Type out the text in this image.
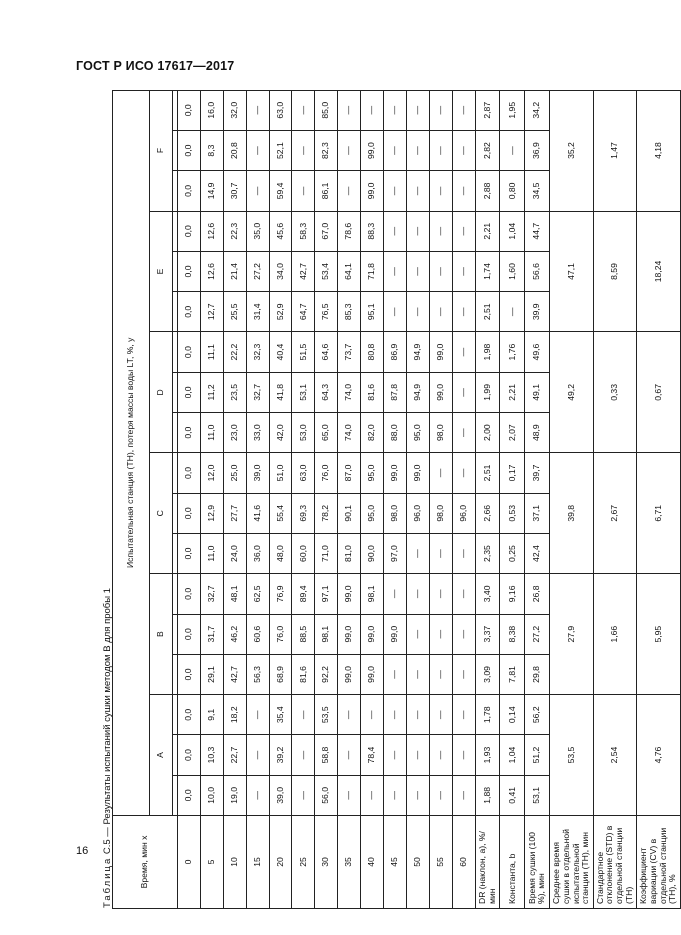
ГОСТ Р ИСО 17617—2017
Таблица С.5 — Результаты испытаний сушки методом В для пробы 1
Время, мин х	Испытательная станция (ТН), потеря массы воды LT, %, у																	
	A			B			C			D			E			F		

0	0,0	0,0	0,0	0,0	0,0	0,0	0,0	0,0	0,0	0,0	0,0	0,0	0,0	0,0	0,0	0,0	0,0	0,0
5	10,0	10,3	9,1	29,1	31,7	32,7	11,0	12,9	12,0	11,0	11,2	11,1	12,7	12,6	12,6	14,9	8,3	16,0
10	19,0	22,7	18,2	42,7	46,2	48,1	24,0	27,7	25,0	23,0	23,5	22,2	25,5	21,4	22,3	30,7	20,8	32,0
15	—	—	—	56,3	60,6	62,5	36,0	41,6	39,0	33,0	32,7	32,3	31,4	27,2	35,0	—	—	—
20	39,0	39,2	35,4	68,9	76,0	76,9	48,0	55,4	51,0	42,0	41,8	40,4	52,9	34,0	45,6	59,4	52,1	63,0
25	—	—	—	81,6	88,5	89,4	60,0	69,3	63,0	53,0	53,1	51,5	64,7	42,7	58,3	—	—	—
30	56,0	58,8	53,5	92,2	98,1	97,1	71,0	78,2	76,0	65,0	64,3	64,6	76,5	53,4	67,0	86,1	82,3	85,0
35	—	—	—	99,0	99,0	99,0	81,0	90,1	87,0	74,0	74,0	73,7	85,3	64,1	78,6	—	—	—
40	—	78,4	—	99,0	99,0	98,1	90,0	95,0	95,0	82,0	81,6	80,8	95,1	71,8	88,3	99,0	99,0	—
45	—	—	—	—	99,0	—	97,0	98,0	99,0	88,0	87,8	86,9	—	—	—	—	—	—
50	—	—	—	—	—	—	—	96,0	99,0	95,0	94,9	94,9	—	—	—	—	—	—
55	—	—	—	—	—	—	—	98,0	—	98,0	99,0	99,0	—	—	—	—	—	—
60	—	—	—	—	—	—	—	96,0	—	—	—	—	—	—	—	—	—	—
DR (наклон, a), %/мин	1,88	1,93	1,78	3,09	3,37	3,40	2,35	2,66	2,51	2,00	1,99	1,98	2,51	1,74	2,21	2,88	2,82	2,87
Константа, b	0,41	1,04	0,14	7,81	8,38	9,16	0,25	0,53	0,17	2,07	2,21	1,76	—	1,60	1,04	0,80	—	1,95
Время сушки (100 %), мин	53,1	51,2	56,2	29,8	27,2	26,8	42,4	37,1	39,7	48,9	49,1	49,6	39,9	56,6	44,7	34,5	36,9	34,2
Среднее время сушки в отдельной испытательной станции (ТН), мин	53,5			27,9			39,8			49,2			47,1			35,2		
Стандартное отклонение (STD) в отдельной станции (ТН)	2,54			1,66			2,67			0,33			8,59			1,47		
Коэффициент вариации (CV) в отдельной станции (ТН), %	4,76			5,95			6,71			0,67			18,24			4,18		
16
